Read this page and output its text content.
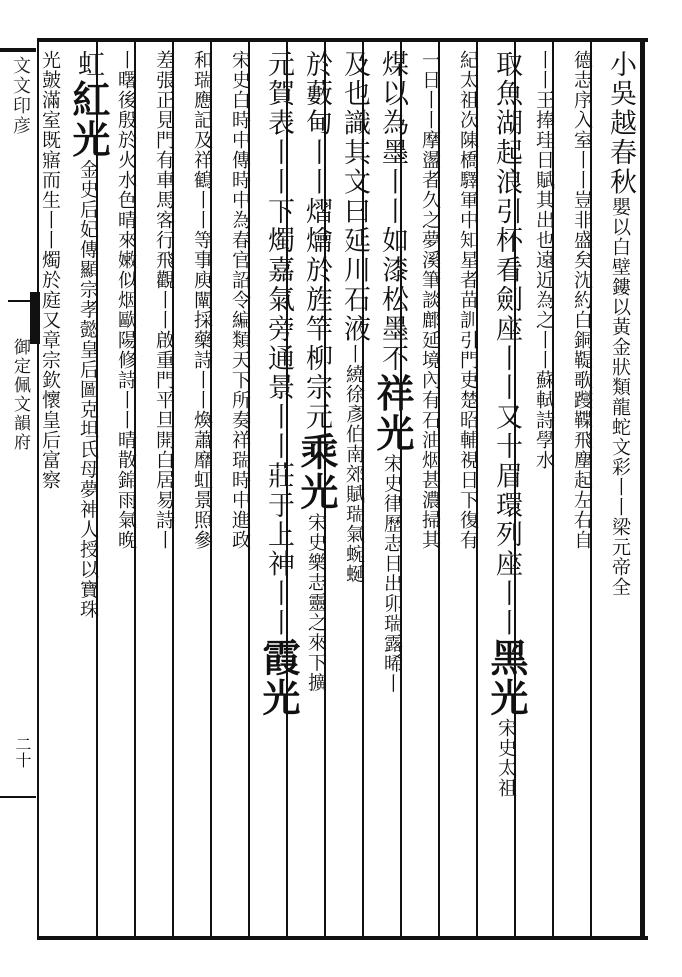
文文印彦
御定佩文韻府
二十
小吳越春秋嬰以白壁鏤以黃金狀類龍蛇文彩丨丨梁元帝全
德志序入室丨丨豈非盛矣沈約白銅鞮歌躞鞢飛塵起左右自
丨丨王捧珪日賦其出也遠近為之丨丨蘇軾詩學水
取魚湖起浪引杯看劍座丨丨又十眉環列座丨丨黑光宋史太祖
紀太祖次陳橋驛軍中知星者苗訓引門吏楚昭輔視日下復有
一日丨丨摩盪者久之夢溪筆談鄜延境內有石油烟甚濃掃其
煤以為墨丨丨如漆松墨不祥光宋史律歷志日出卯瑞露晞丨
及也識其文曰延川石液丨繞徐彥伯南郊賦瑞氣蜿蜒
於藪甸丨丨熠爚於旌竿柳宗元乘光宋史樂志靈之來下擴
元賀表丨丨下燭嘉氣旁通景丨丨莊于上神丨丨霞光
宋史白時中傳時中為春官詔令編類天下所奏祥瑞時中進政
和瑞應記及祥鶴丨丨等事庾闡採藥詩丨丨煥蕭靡虹景照參
差張正見門有車馬客行飛觀丨丨啟重門平旦開白居易詩丨
丨曙後殷於火水色晴來嫩似烟歐陽修詩丨丨晴散錦雨氣晚
虹紅光金史后妃傳顯宗孝懿皇后圖克坦氏母夢神人授以寶珠
光皷滿室既寤而生丨丨燭於庭又章宗欽懷皇后富察
